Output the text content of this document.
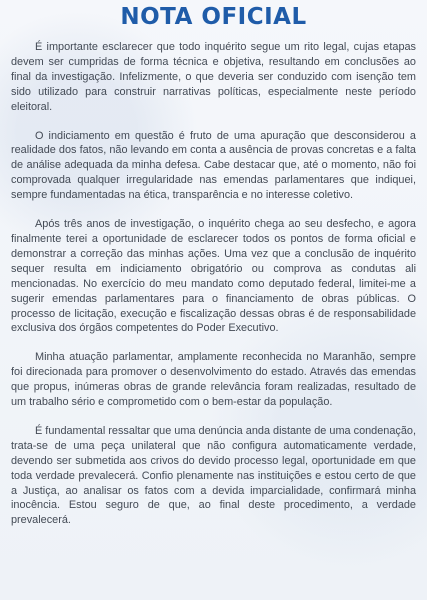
NOTA OFICIAL

É importante esclarecer que todo inquérito segue um rito legal, cujas etapas devem ser cumpridas de forma técnica e objetiva, resultando em conclusões ao final da investigação. Infelizmente, o que deveria ser conduzido com isenção tem sido utilizado para construir narrativas políticas, especialmente neste período eleitoral.

O indiciamento em questão é fruto de uma apuração que desconsiderou a realidade dos fatos, não levando em conta a ausência de provas concretas e a falta de análise adequada da minha defesa. Cabe destacar que, até o momento, não foi comprovada qualquer irregularidade nas emendas parlamentares que indiquei, sempre fundamentadas na ética, transparência e no interesse coletivo.

Após três anos de investigação, o inquérito chega ao seu desfecho, e agora finalmente terei a oportunidade de esclarecer todos os pontos de forma oficial e demonstrar a correção das minhas ações. Uma vez que a conclusão de inquérito sequer resulta em indiciamento obrigatório ou comprova as condutas ali mencionadas. No exercício do meu mandato como deputado federal, limitei-me a sugerir emendas parlamentares para o financiamento de obras públicas. O processo de licitação, execução e fiscalização dessas obras é de responsabilidade exclusiva dos órgãos competentes do Poder Executivo.

Minha atuação parlamentar, amplamente reconhecida no Maranhão, sempre foi direcionada para promover o desenvolvimento do estado. Através das emendas que propus, inúmeras obras de grande relevância foram realizadas, resultado de um trabalho sério e comprometido com o bem-estar da população.

É fundamental ressaltar que uma denúncia anda distante de uma condenação, trata-se de uma peça unilateral que não configura automaticamente verdade, devendo ser submetida aos crivos do devido processo legal, oportunidade em que toda verdade prevalecerá. Confio plenamente nas instituições e estou certo de que a Justiça, ao analisar os fatos com a devida imparcialidade, confirmará minha inocência. Estou seguro de que, ao final deste procedimento, a verdade prevalecerá.
